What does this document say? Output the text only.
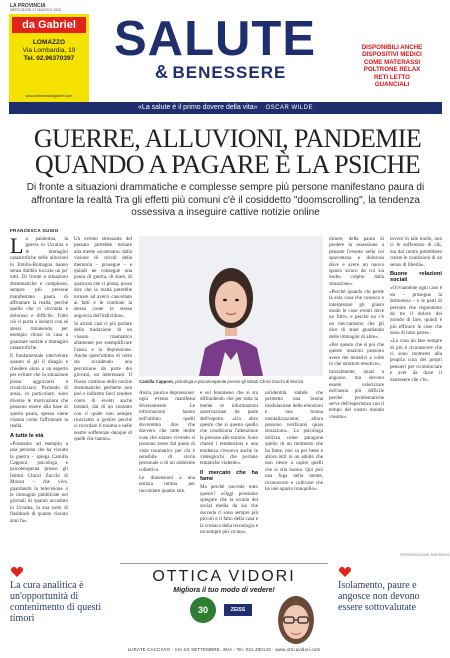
LA PROVINCIA
MERCOLEDÌ 27 MAGGIO 2023
da Gabriel
LOMAZZO
Via Lombardia, 19
Tel. 02.96370397
www.materassidagabriel.com
SALUTE
& BENESSERE
DISPONIBILI ANCHE
DISPOSITIVI MEDICI
COME MATERASSI
POLTRONE RELAX
RETI LETTO
GUANCIALI
«La salute è il primo dovere della vita» OSCAR WILDE
GUERRE, ALLUVIONI, PANDEMIE QUANDO A PAGARE È LA PSICHE
Di fronte a situazioni drammatiche e complesse sempre più persone manifestano paura di affrontare la realtà Tra gli effetti più comuni c'è il cosiddetto "doomscrolling", la tendenza ossessiva a inseguire cattive notizie online
FRANCESCA GUIDO

La pandemia, la guerra in Ucraina e le immagini catastrofiche delle alluvioni in Emilia-Romagna hanno senza dubbio toccato un po' tutti. Di fronte a situazioni drammatiche e complesse, sempre più persone manifestano paura di affrontare la realtà, perché quello che ci circonda è doloroso e difficile. Tutto ciò ci porta a isolarci con sé stessi rimanendo per esempio chiusi in casa a guardare notizie e immagini catastrofiche.

E fondamentale intervenire quanto si gli il disagio e chiedere aiuto a un esperto per evitare che la situazione possa aggravarsi e cronicizzarsi. Parlando di ansia, in particolare, sono diverse le motivazioni che possono essere alla base di questa paura, spesso viene vissuta come l'affrontare la realtà.

A tutte le età

«Possiamo ad esempio a una persona che ha vissuto la guerra – spiega Camilla Capponi, psicologa e psicoterapeuta presso gli Istituti Clinici Zucchi di Monza – che vive, guardando la televisione o le immagini pubblicate nei giornali di quanto accaduto in Ucraina, la sua sorte di flashback di quanto vissuto anni fa».

Un evento stressante del passato potrebbe tornare alla mente «scatenato» dalla visione di circoli della memoria – prosegue – e quindi ne consegue una paura di guerra, di stare, di qualcosa che ci possa, possa dire che la realtà potrebbe tornare ad averci cancellato ai fatti e le continue la stessa come le stessa angoscia dell'individuo».

Si alcuni casi ci più parlare della traduzione di un vissuto traumatico altamente per esemplificare l'ansia e la depressione. Anche quest'ultimo di certo sta accadendo una percezione da parte dei giovani, un interessare. Il flusso continuo delle notizie drammatiche permette non può e indiretto farci rendere conto di eventi anche lontani, dai di un contatto con il quale non sempre riusciamo a gestire perché ci ricordare il trauma e nelle nostre sofferenze dunque di quelli che hanno».

Camilla Capponi, psicologa e psicoterapeuta presso gli Istituti Clinici Zucchi di Monza

Ansia, paura e depressione: ogni evento manifesta diversamente. Le informazioni hanno nell'ultimo quelli dovremmo dire che davvero che tutte molte cose che stiamo vivendo si possono avere dal punto di vista traumatico per chi è sensibile di storia personale o di un ambiente collettivo.

Le dimensioni a una notizia intima per raccontare quanto tale.

e sul fenomeno che si sta diffondendo che per tutta la mente le informazioni osservazione da parte dell'esperto. «Un altro questo che si questo quello che condiziona l'attenzione le persone alle notizie, Sono chiesti i tendenziosi e una tendenza cresceva anche le videogiochi che portano tematiche violente».

Il mercato che ha fame

Ma perché succede tutto questo? «Oggi possiamo spiegare che la scuola dei social media da sia che succeda ci sono sempre più piccoli e il fatto della casa e la cronaca della tecnologia e un sempre più vicino».

un'identità stabile che permetta una buona modulazione delle emozioni e una buona mentalizzazione; allora possono verificarsi quasi situazioni». La psicologa utilizza come paragone quello di un momento che ha fame, non sa per bene e allora tutti in un adulto che non riesce a capire quelli che si stia buona. Qui può una fuga nella mente, riconoscere e coltivare che ha uno spazio tranquillo».

timore, della paura di perdere la ossessione a pensare l'evento nella cui spaventosa e dolorosa dove e avere un nuovo spazio sicuro da cui sia molto colpito dalla situazione».

«Perché quando chi perde la sola cosa che conosca e interpretare gli giusto modo le cose eventi dove un filtro, e perché no c'è un meccanismo che gli dice di stare guardando delle immagini di altre».

«Per questo che si poi che queste reazioni possono avere dei tentativi a volte in che strutture emotive».

Inizialmente, quasi a angosce, ma devono essere valorizzate nell'ansia più difficile perché problematiche serve dell'esperienza con il tempo del nostro mondo vissuto».

invece in tale modo, non ci le sofferenze di chi, ma dal centro potrebbero creare le condizioni di un senso di libertà».

Buone relazioni sociali

«Ovviamente ogni caso è un – prosegue la dottoressa – e le parti di persone che rispondono da tre il dolore del mondo di fare, quindi è più efficace le cose che sono di tutto parte».

«La cosa da fare sempre di più è riconoscere che ci sono momenti alla propria cura dei propri pensieri per ricominciare e aver da dove il malessere che c'è».

©RIPRODUZIONE RISERVATA
La cura analitica è un'opportunità di contenimento di questi timori
OTTICA VIDORI
Migliora il tuo modo di vedere!
30	ZEISS
LURATE CACCIVIO - VIA XX SETTEMBRE, 46/A - Tel. 031.490143 - www.otticavidori.com
Isolamento, paure e angosce non devono essere sottovalutate
